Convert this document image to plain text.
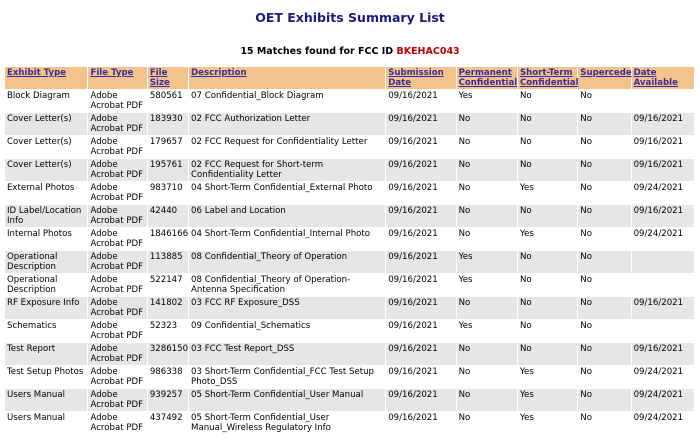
OET Exhibits Summary List
15 Matches found for FCC ID BKEHAC043
Exhibit Type	File Type	File Size	Description	Submission Date	Permanent Confidential	Short-Term Confidential	Supercede	Date Available
Block Diagram	Adobe Acrobat PDF	580561	07 Confidential_Block Diagram	09/16/2021	Yes	No	No	
Cover Letter(s)	Adobe Acrobat PDF	183930	02 FCC Authorization Letter	09/16/2021	No	No	No	09/16/2021
Cover Letter(s)	Adobe Acrobat PDF	179657	02 FCC Request for Confidentiality Letter	09/16/2021	No	No	No	09/16/2021
Cover Letter(s)	Adobe Acrobat PDF	195761	02 FCC Request for Short-term Confidentiality Letter	09/16/2021	No	No	No	09/16/2021
External Photos	Adobe Acrobat PDF	983710	04 Short-Term Confidential_External Photo	09/16/2021	No	Yes	No	09/24/2021
ID Label/Location Info	Adobe Acrobat PDF	42440	06 Label and Location	09/16/2021	No	No	No	09/16/2021
Internal Photos	Adobe Acrobat PDF	1846166	04 Short-Term Confidential_Internal Photo	09/16/2021	No	Yes	No	09/24/2021
Operational Description	Adobe Acrobat PDF	113885	08 Confidential_Theory of Operation	09/16/2021	Yes	No	No	
Operational Description	Adobe Acrobat PDF	522147	08 Confidential_Theory of Operation-Antenna Specification	09/16/2021	Yes	No	No	
RF Exposure Info	Adobe Acrobat PDF	141802	03 FCC RF Exposure_DSS	09/16/2021	No	No	No	09/16/2021
Schematics	Adobe Acrobat PDF	52323	09 Confidential_Schematics	09/16/2021	Yes	No	No	
Test Report	Adobe Acrobat PDF	3286150	03 FCC Test Report_DSS	09/16/2021	No	No	No	09/16/2021
Test Setup Photos	Adobe Acrobat PDF	986338	03 Short-Term Confidential_FCC Test Setup Photo_DSS	09/16/2021	No	Yes	No	09/24/2021
Users Manual	Adobe Acrobat PDF	939257	05 Short-Term Confidential_User Manual	09/16/2021	No	Yes	No	09/24/2021
Users Manual	Adobe Acrobat PDF	437492	05 Short-Term Confidential_User Manual_Wireless Regulatory Info	09/16/2021	No	Yes	No	09/24/2021
